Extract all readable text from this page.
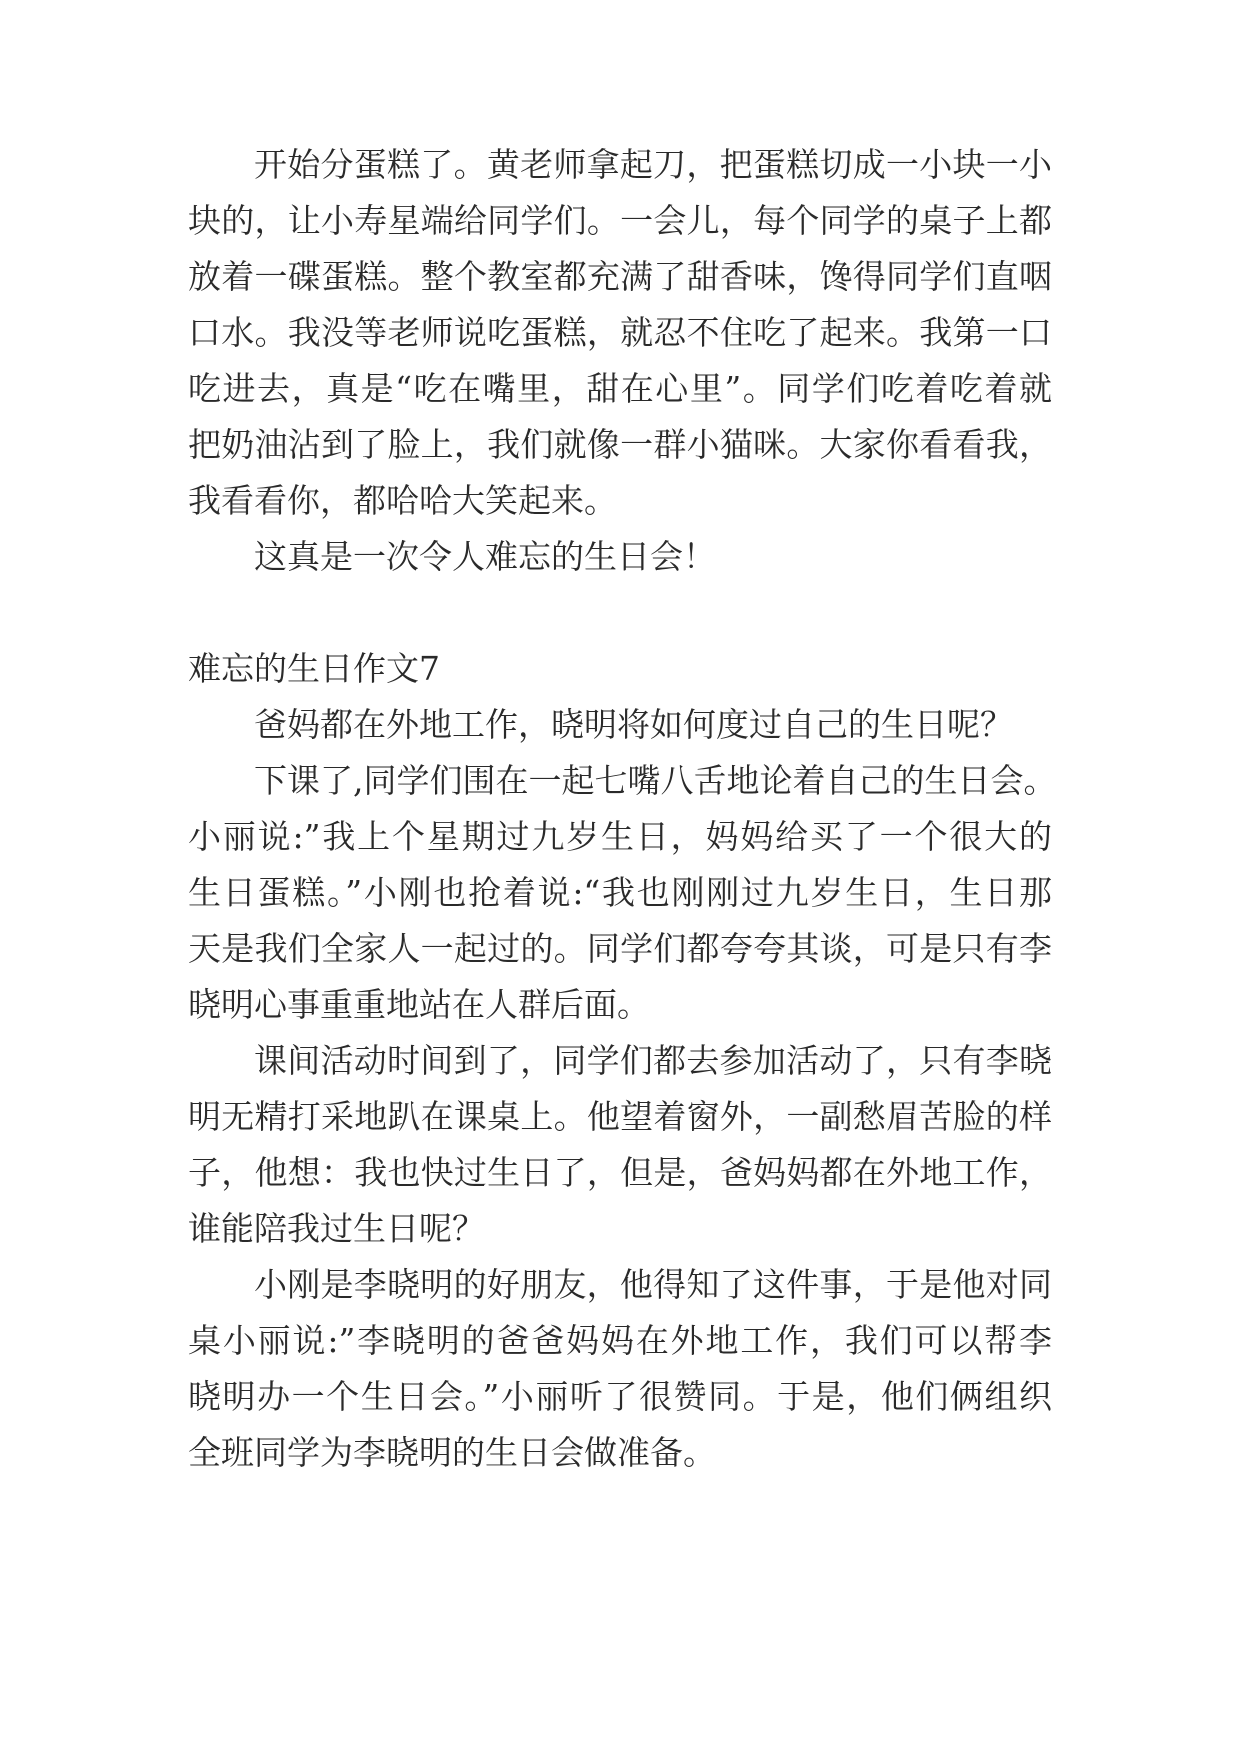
开始分蛋糕了。黄老师拿起刀，把蛋糕切成一小块一小
块的，让小寿星端给同学们。一会儿，每个同学的桌子上都
放着一碟蛋糕。整个教室都充满了甜香味，馋得同学们直咽
口水。我没等老师说吃蛋糕，就忍不住吃了起来。我第一口
吃进去，真是“吃在嘴里，甜在心里”。同学们吃着吃着就
把奶油沾到了脸上，我们就像一群小猫咪。大家你看看我，
我看看你，都哈哈大笑起来。
这真是一次令人难忘的生日会！
难忘的生日作文7
爸妈都在外地工作，晓明将如何度过自己的生日呢？
下课了,同学们围在一起七嘴八舌地论着自己的生日会。
小丽说:”我上个星期过九岁生日，妈妈给买了一个很大的
生日蛋糕。”小刚也抢着说:“我也刚刚过九岁生日，生日那
天是我们全家人一起过的。同学们都夸夸其谈，可是只有李
晓明心事重重地站在人群后面。
课间活动时间到了，同学们都去参加活动了，只有李晓
明无精打采地趴在课桌上。他望着窗外，一副愁眉苦脸的样
子，他想：我也快过生日了，但是，爸妈妈都在外地工作，
谁能陪我过生日呢？
小刚是李晓明的好朋友，他得知了这件事，于是他对同
桌小丽说:”李晓明的爸爸妈妈在外地工作，我们可以帮李
晓明办一个生日会。”小丽听了很赞同。于是，他们俩组织
全班同学为李晓明的生日会做准备。
